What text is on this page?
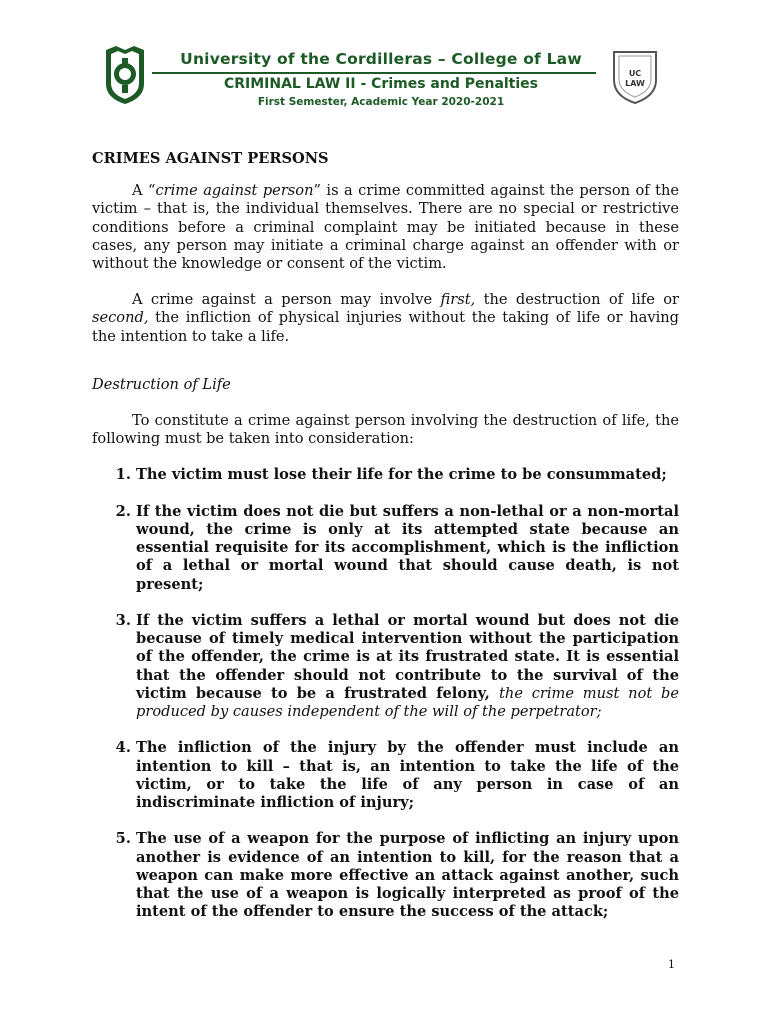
University of the Cordilleras – College of Law
CRIMINAL LAW II - Crimes and Penalties
First Semester, Academic Year 2020-2021
UC
LAW
CRIMES AGAINST PERSONS

A “crime against person” is a crime committed against the person of the victim – that is, the individual themselves. There are no special or restrictive conditions before a criminal complaint may be initiated because in these cases, any person may initiate a criminal charge against an offender with or without the knowledge or consent of the victim.

A crime against a person may involve first, the destruction of life or second, the infliction of physical injuries without the taking of life or having the intention to take a life.

Destruction of Life

To constitute a crime against person involving the destruction of life, the following must be taken into consideration:

1. The victim must lose their life for the crime to be consummated;
2. If the victim does not die but suffers a non-lethal or a non-mortal wound, the crime is only at its attempted state because an essential requisite for its accomplishment, which is the infliction of a lethal or mortal wound that should cause death, is not present;
3. If the victim suffers a lethal or mortal wound but does not die because of timely medical intervention without the participation of the offender, the crime is at its frustrated state. It is essential that the offender should not contribute to the survival of the victim because to be a frustrated felony, the crime must not be produced by causes independent of the will of the perpetrator;
4. The infliction of the injury by the offender must include an intention to kill – that is, an intention to take the life of the victim, or to take the life of any person in case of an indiscriminate infliction of injury;
5. The use of a weapon for the purpose of inflicting an injury upon another is evidence of an intention to kill, for the reason that a weapon can make more effective an attack against another, such that the use of a weapon is logically interpreted as proof of the intent of the offender to ensure the success of the attack;
1
